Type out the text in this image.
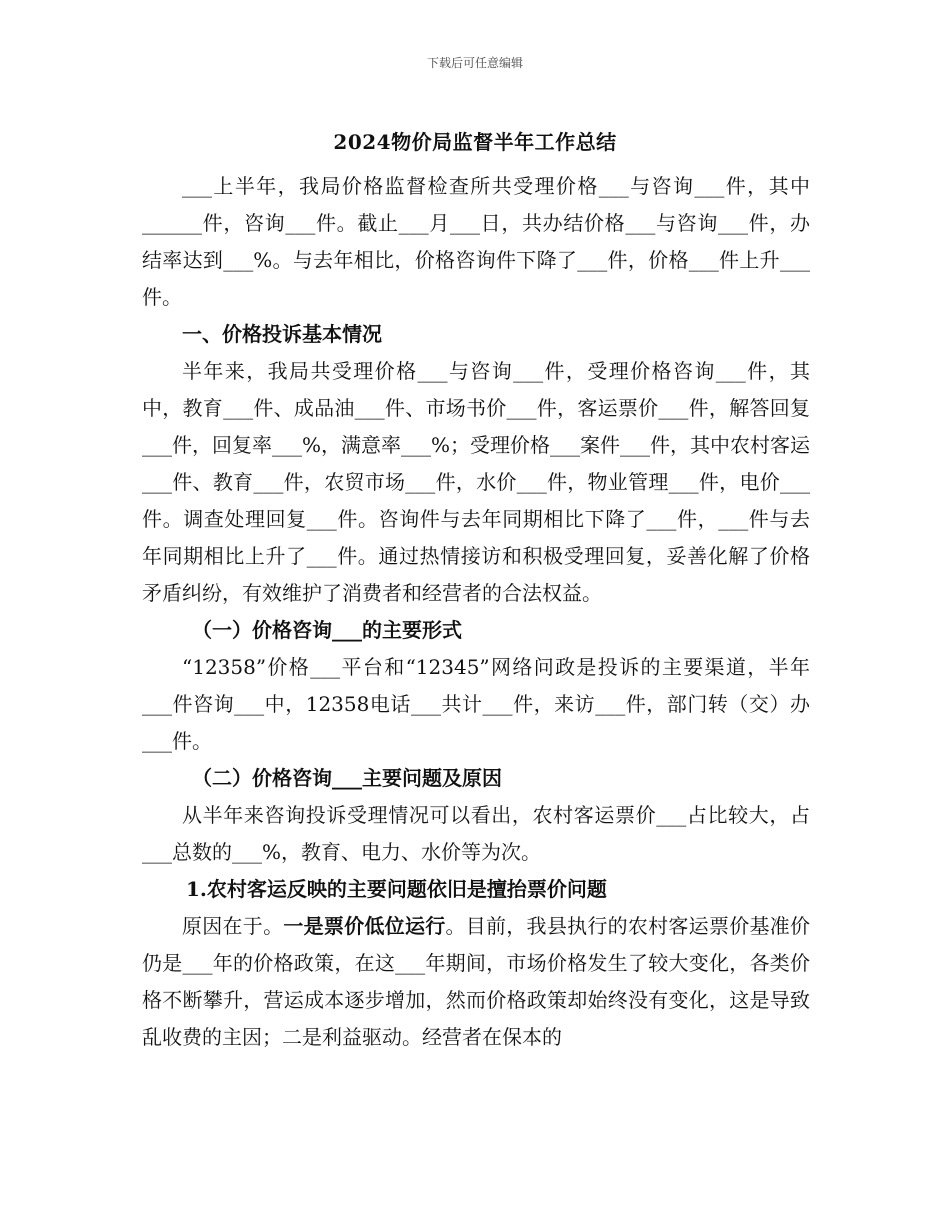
下载后可任意编辑
2024物价局监督半年工作总结

___上半年，我局价格监督检查所共受理价格___与咨询___件，其中______件，咨询___件。截止___月___日，共办结价格___与咨询___件，办结率达到___%。与去年相比，价格咨询件下降了___件，价格___件上升___件。

一、价格投诉基本情况

半年来，我局共受理价格___与咨询___件，受理价格咨询___件，其中，教育___件、成品油___件、市场书价___件，客运票价___件，解答回复___件，回复率___%，满意率___%；受理价格___案件___件，其中农村客运___件、教育___件，农贸市场___件，水价___件，物业管理___件，电价___件。调查处理回复___件。咨询件与去年同期相比下降了___件，___件与去年同期相比上升了___件。通过热情接访和积极受理回复，妥善化解了价格矛盾纠纷，有效维护了消费者和经营者的合法权益。

（一）价格咨询___的主要形式

“12358”价格___平台和“12345”网络问政是投诉的主要渠道，半年___件咨询___中，12358电话___共计___件，来访___件，部门转（交）办___件。

（二）价格咨询___主要问题及原因

从半年来咨询投诉受理情况可以看出，农村客运票价___占比较大，占___总数的___%，教育、电力、水价等为次。

1.农村客运反映的主要问题依旧是擅抬票价问题

原因在于。一是票价低位运行。目前，我县执行的农村客运票价基准价仍是___年的价格政策，在这___年期间，市场价格发生了较大变化，各类价格不断攀升，营运成本逐步增加，然而价格政策却始终没有变化，这是导致乱收费的主因；二是利益驱动。经营者在保本的
